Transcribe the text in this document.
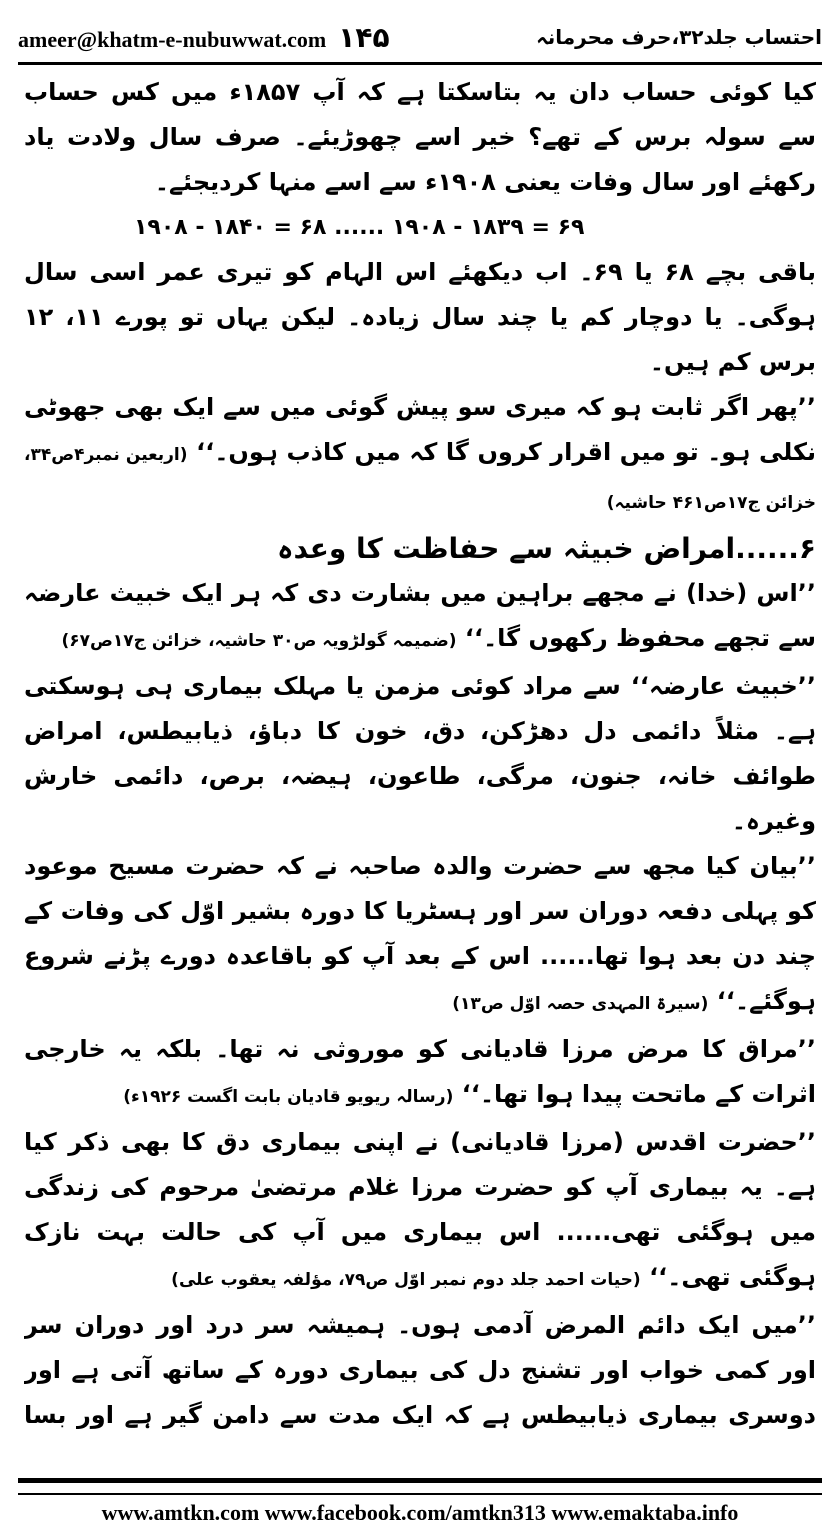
ameer@khatm-e-nubuwwat.com ۱۴۵	احتساب جلد۳۲،حرف محرمانہ

کیا کوئی حساب دان یہ بتاسکتا ہے کہ آپ ۱۸۵۷ء میں کس حساب سے سولہ برس کے تھے؟ خیر اسے چھوڑیئے۔ صرف سال ولادت یاد رکھئے اور سال وفات یعنی ۱۹۰۸ء سے اسے منہا کردیجئے۔

۱۹۰۸ - ۱۸۴۰ = ۶۸ ...... ۱۹۰۸ - ۱۸۳۹ = ۶۹

باقی بچے ۶۸ یا ۶۹۔ اب دیکھئے اس الہام کو تیری عمر اسی سال ہوگی۔ یا دوچار کم یا چند سال زیادہ۔ لیکن یہاں تو پورے ۱۱، ۱۲ برس کم ہیں۔

’’پھر اگر ثابت ہو کہ میری سو پیش گوئی میں سے ایک بھی جھوٹی نکلی ہو۔ تو میں اقرار کروں گا کہ میں کاذب ہوں۔‘‘ (اربعین نمبر۴ص۳۴، خزائن ج۱۷ص۴۶۱ حاشیہ)

۶......امراض خبیثہ سے حفاظت کا وعدہ

’’اس (خدا) نے مجھے براہین میں بشارت دی کہ ہر ایک خبیث عارضہ سے تجھے محفوظ رکھوں گا۔‘‘ (ضمیمہ گولڑویہ ص۳۰ حاشیہ، خزائن ج۱۷ص۶۷)

’’خبیث عارضہ‘‘ سے مراد کوئی مزمن یا مہلک بیماری ہی ہوسکتی ہے۔ مثلاً دائمی دل دھڑکن، دق، خون کا دباؤ، ذیابیطس، امراض طوائف خانہ، جنون، مرگی، طاعون، ہیضہ، برص، دائمی خارش وغیرہ۔

’’بیان کیا مجھ سے حضرت والدہ صاحبہ نے کہ حضرت مسیح موعود کو پہلی دفعہ دوران سر اور ہسٹریا کا دورہ بشیر اوّل کی وفات کے چند دن بعد ہوا تھا...... اس کے بعد آپ کو باقاعدہ دورے پڑنے شروع ہوگئے۔‘‘ (سیرۃ المہدی حصہ اوّل ص۱۳)

’’مراق کا مرض مرزا قادیانی کو موروثی نہ تھا۔ بلکہ یہ خارجی اثرات کے ماتحت پیدا ہوا تھا۔‘‘ (رسالہ ریویو قادیان بابت اگست ۱۹۲۶ء)

’’حضرت اقدس (مرزا قادیانی) نے اپنی بیماری دق کا بھی ذکر کیا ہے۔ یہ بیماری آپ کو حضرت مرزا غلام مرتضیٰ مرحوم کی زندگی میں ہوگئی تھی...... اس بیماری میں آپ کی حالت بہت نازک ہوگئی تھی۔‘‘ (حیات احمد جلد دوم نمبر اوّل ص۷۹، مؤلفہ یعقوب علی)

’’میں ایک دائم المرض آدمی ہوں۔ ہمیشہ سر درد اور دوران سر اور کمی خواب اور تشنج دل کی بیماری دورہ کے ساتھ آتی ہے اور دوسری بیماری ذیابیطس ہے کہ ایک مدت سے دامن گیر ہے اور بسا

www.amtkn.com www.facebook.com/amtkn313 www.emaktaba.info
